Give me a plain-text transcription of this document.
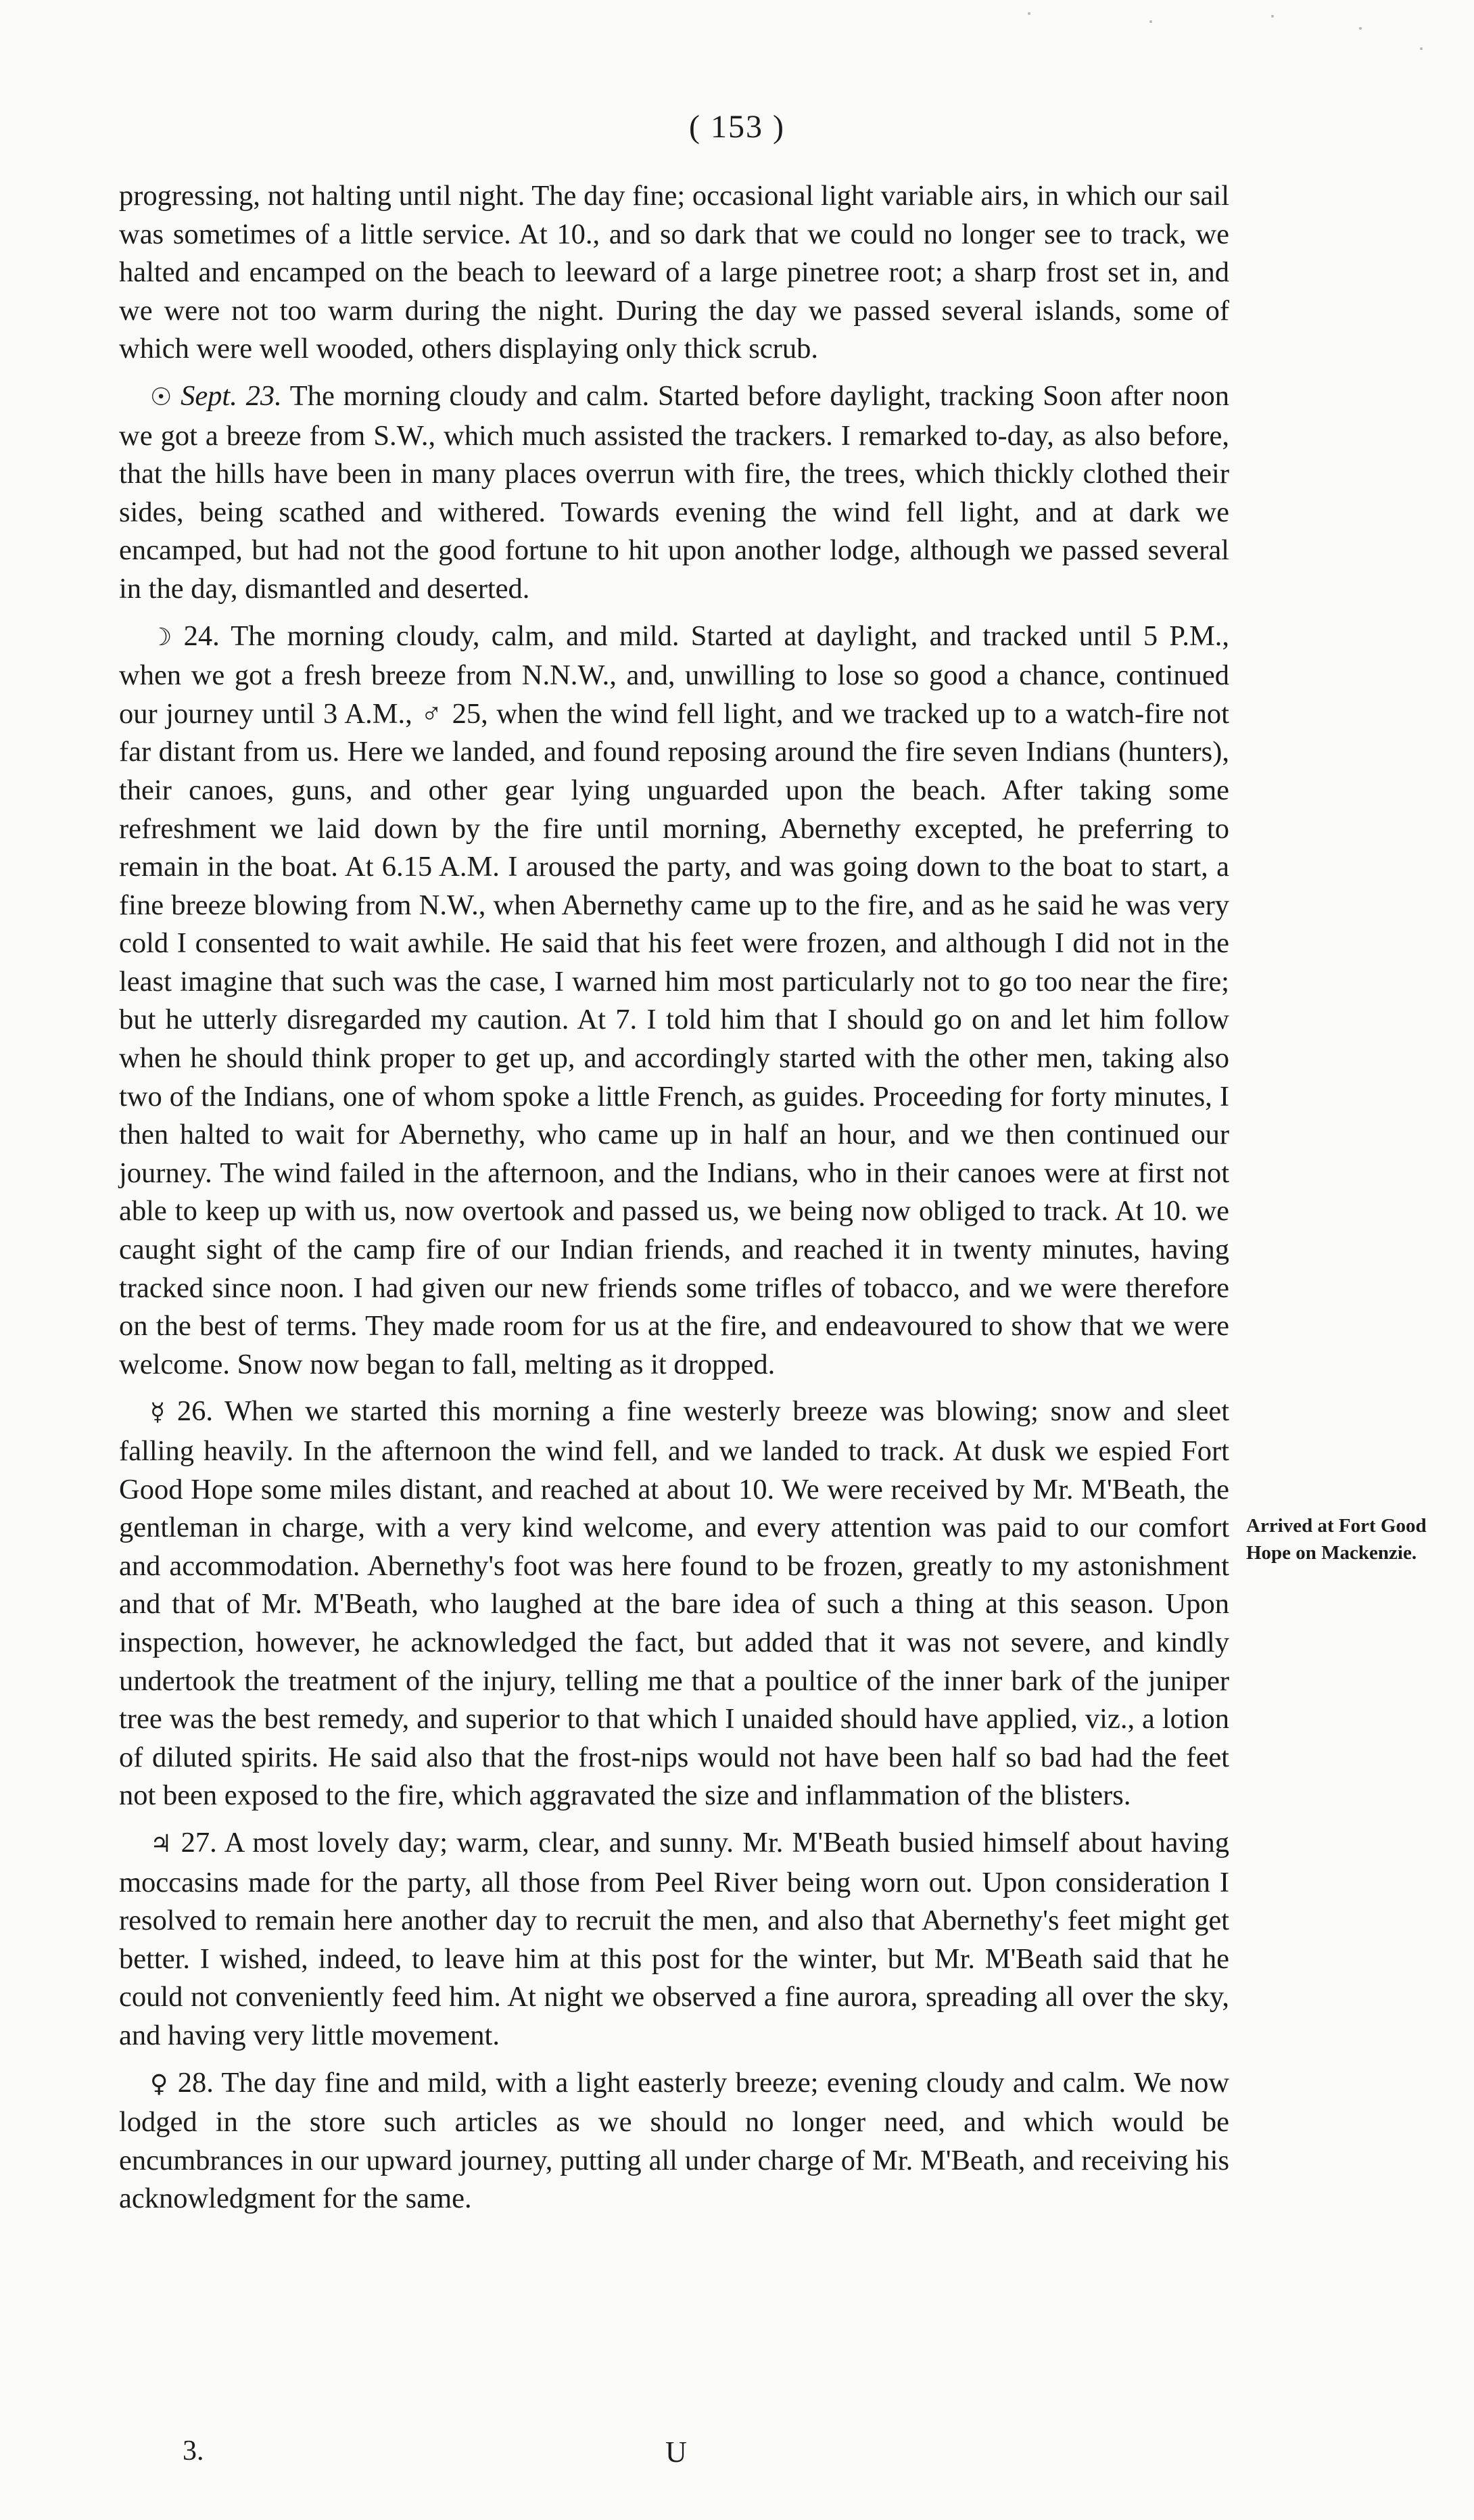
( 153 )

progressing, not halting until night. The day fine; occasional light variable airs, in which our sail was sometimes of a little service. At 10., and so dark that we could no longer see to track, we halted and encamped on the beach to leeward of a large pinetree root; a sharp frost set in, and we were not too warm during the night. During the day we passed several islands, some of which were well wooded, others displaying only thick scrub.

☉ Sept. 23. The morning cloudy and calm. Started before daylight, tracking Soon after noon we got a breeze from S.W., which much assisted the trackers. I remarked to-day, as also before, that the hills have been in many places overrun with fire, the trees, which thickly clothed their sides, being scathed and withered. Towards evening the wind fell light, and at dark we encamped, but had not the good fortune to hit upon another lodge, although we passed several in the day, dismantled and deserted.

☽ 24. The morning cloudy, calm, and mild. Started at daylight, and tracked until 5 P.M., when we got a fresh breeze from N.N.W., and, unwilling to lose so good a chance, continued our journey until 3 A.M., ♂ 25, when the wind fell light, and we tracked up to a watch-fire not far distant from us. Here we landed, and found reposing around the fire seven Indians (hunters), their canoes, guns, and other gear lying unguarded upon the beach. After taking some refreshment we laid down by the fire until morning, Abernethy excepted, he preferring to remain in the boat. At 6.15 A.M. I aroused the party, and was going down to the boat to start, a fine breeze blowing from N.W., when Abernethy came up to the fire, and as he said he was very cold I consented to wait awhile. He said that his feet were frozen, and although I did not in the least imagine that such was the case, I warned him most particularly not to go too near the fire; but he utterly disregarded my caution. At 7. I told him that I should go on and let him follow when he should think proper to get up, and accordingly started with the other men, taking also two of the Indians, one of whom spoke a little French, as guides. Proceeding for forty minutes, I then halted to wait for Abernethy, who came up in half an hour, and we then continued our journey. The wind failed in the afternoon, and the Indians, who in their canoes were at first not able to keep up with us, now overtook and passed us, we being now obliged to track. At 10. we caught sight of the camp fire of our Indian friends, and reached it in twenty minutes, having tracked since noon. I had given our new friends some trifles of tobacco, and we were therefore on the best of terms. They made room for us at the fire, and endeavoured to show that we were welcome. Snow now began to fall, melting as it dropped.

☿ 26. When we started this morning a fine westerly breeze was blowing; snow and sleet falling heavily. In the afternoon the wind fell, and we landed to track. At dusk we espied Fort Good Hope some miles distant, and reached at about 10. We were received by Mr. M'Beath, the gentleman in charge, with a very kind welcome, and every attention was paid to our comfort and accommodation. Abernethy's foot was here found to be frozen, greatly to my astonishment and that of Mr. M'Beath, who laughed at the bare idea of such a thing at this season. Upon inspection, however, he acknowledged the fact, but added that it was not severe, and kindly undertook the treatment of the injury, telling me that a poultice of the inner bark of the juniper tree was the best remedy, and superior to that which I unaided should have applied, viz., a lotion of diluted spirits. He said also that the frost-nips would not have been half so bad had the feet not been exposed to the fire, which aggravated the size and inflammation of the blisters.

♃ 27. A most lovely day; warm, clear, and sunny. Mr. M'Beath busied himself about having moccasins made for the party, all those from Peel River being worn out. Upon consideration I resolved to remain here another day to recruit the men, and also that Abernethy's feet might get better. I wished, indeed, to leave him at this post for the winter, but Mr. M'Beath said that he could not conveniently feed him. At night we observed a fine aurora, spreading all over the sky, and having very little movement.

♀ 28. The day fine and mild, with a light easterly breeze; evening cloudy and calm. We now lodged in the store such articles as we should no longer need, and which would be encumbrances in our upward journey, putting all under charge of Mr. M'Beath, and receiving his acknowledgment for the same.

Arrived at Fort Good Hope on Mackenzie.
3.	U
